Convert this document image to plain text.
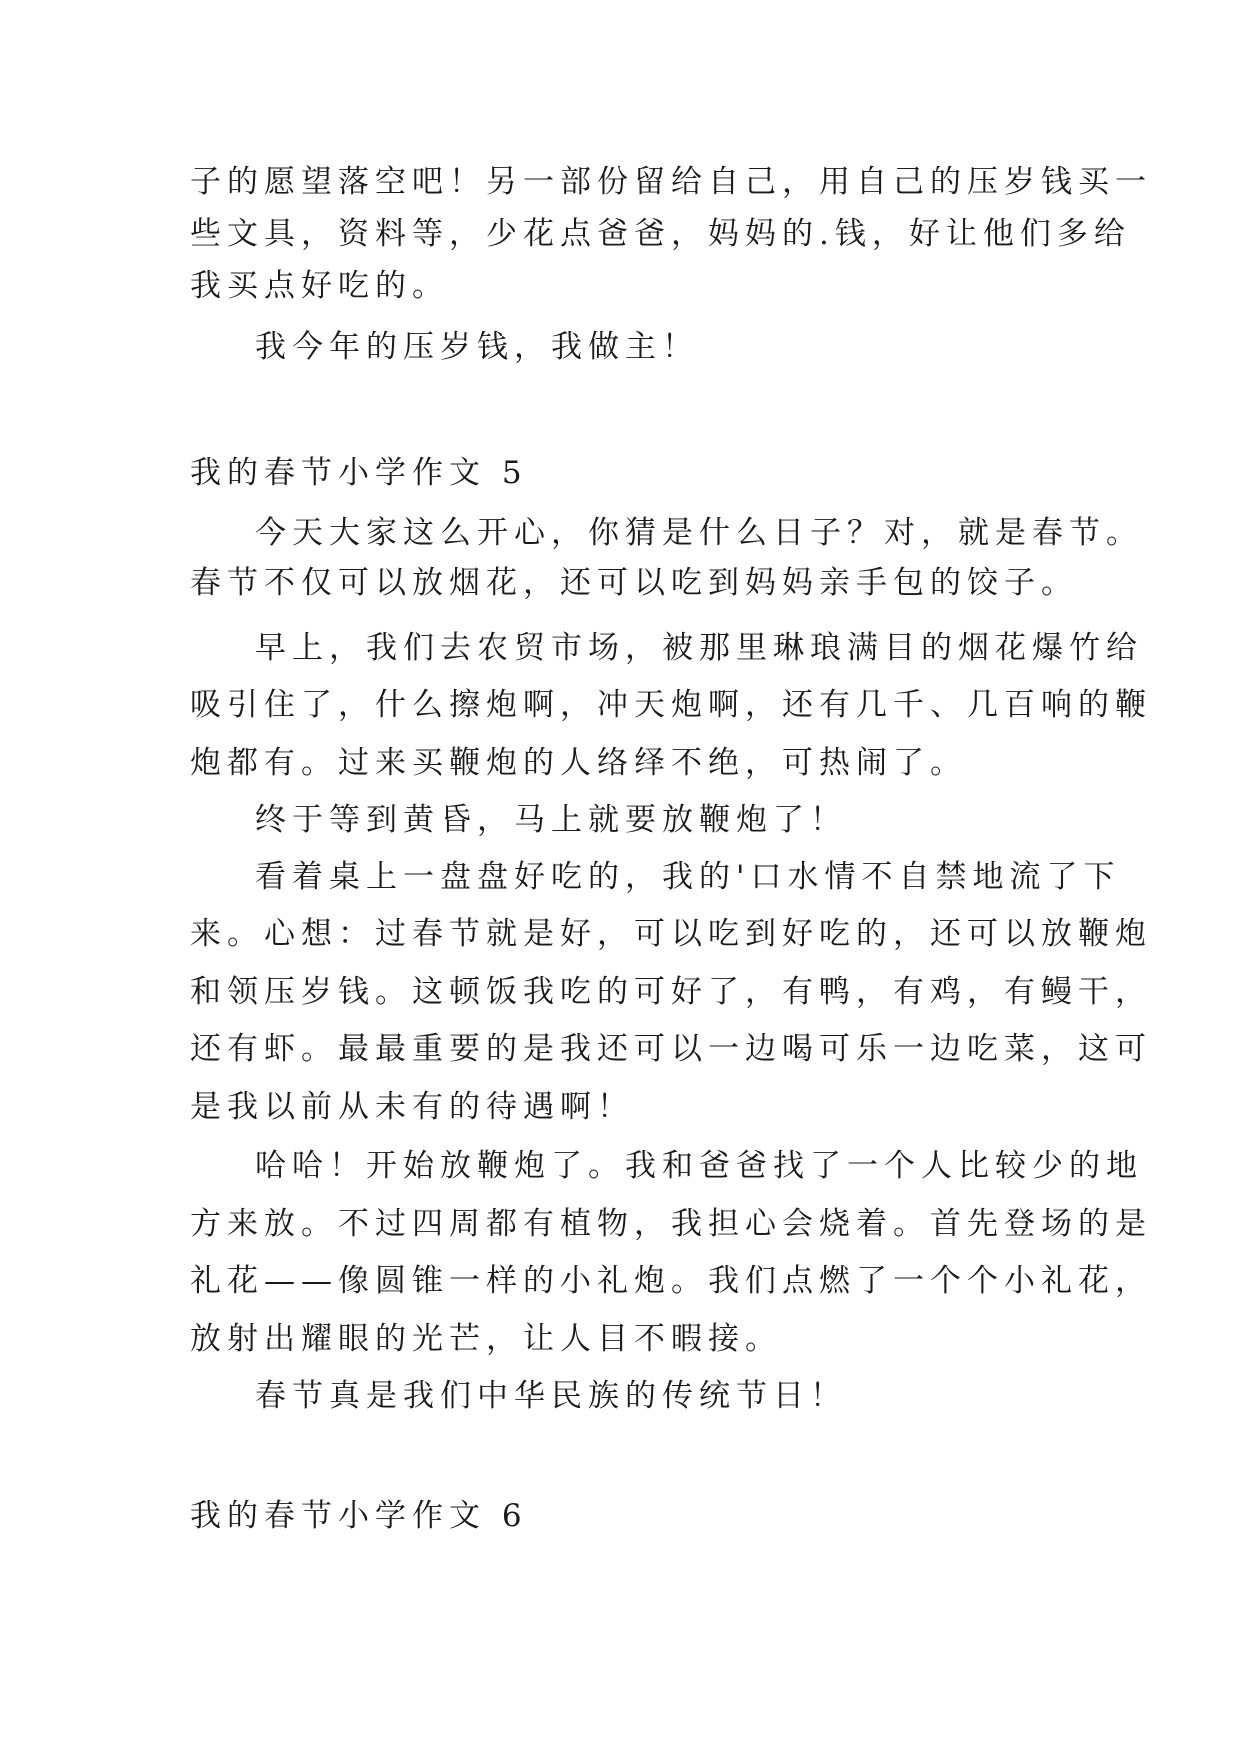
子的愿望落空吧！另一部份留给自己，用自己的压岁钱买一
些文具，资料等，少花点爸爸，妈妈的.钱，好让他们多给
我买点好吃的。
我今年的压岁钱，我做主！
我的春节小学作文 5
今天大家这么开心，你猜是什么日子？对，就是春节。
春节不仅可以放烟花，还可以吃到妈妈亲手包的饺子。
早上，我们去农贸市场，被那里琳琅满目的烟花爆竹给
吸引住了，什么擦炮啊，冲天炮啊，还有几千、几百响的鞭
炮都有。过来买鞭炮的人络绎不绝，可热闹了。
终于等到黄昏，马上就要放鞭炮了！
看着桌上一盘盘好吃的，我的'口水情不自禁地流了下
来。心想：过春节就是好，可以吃到好吃的，还可以放鞭炮
和领压岁钱。这顿饭我吃的可好了，有鸭，有鸡，有鳗干，
还有虾。最最重要的是我还可以一边喝可乐一边吃菜，这可
是我以前从未有的待遇啊！
哈哈！开始放鞭炮了。我和爸爸找了一个人比较少的地
方来放。不过四周都有植物，我担心会烧着。首先登场的是
礼花——像圆锥一样的小礼炮。我们点燃了一个个小礼花，
放射出耀眼的光芒，让人目不暇接。
春节真是我们中华民族的传统节日！
我的春节小学作文 6
